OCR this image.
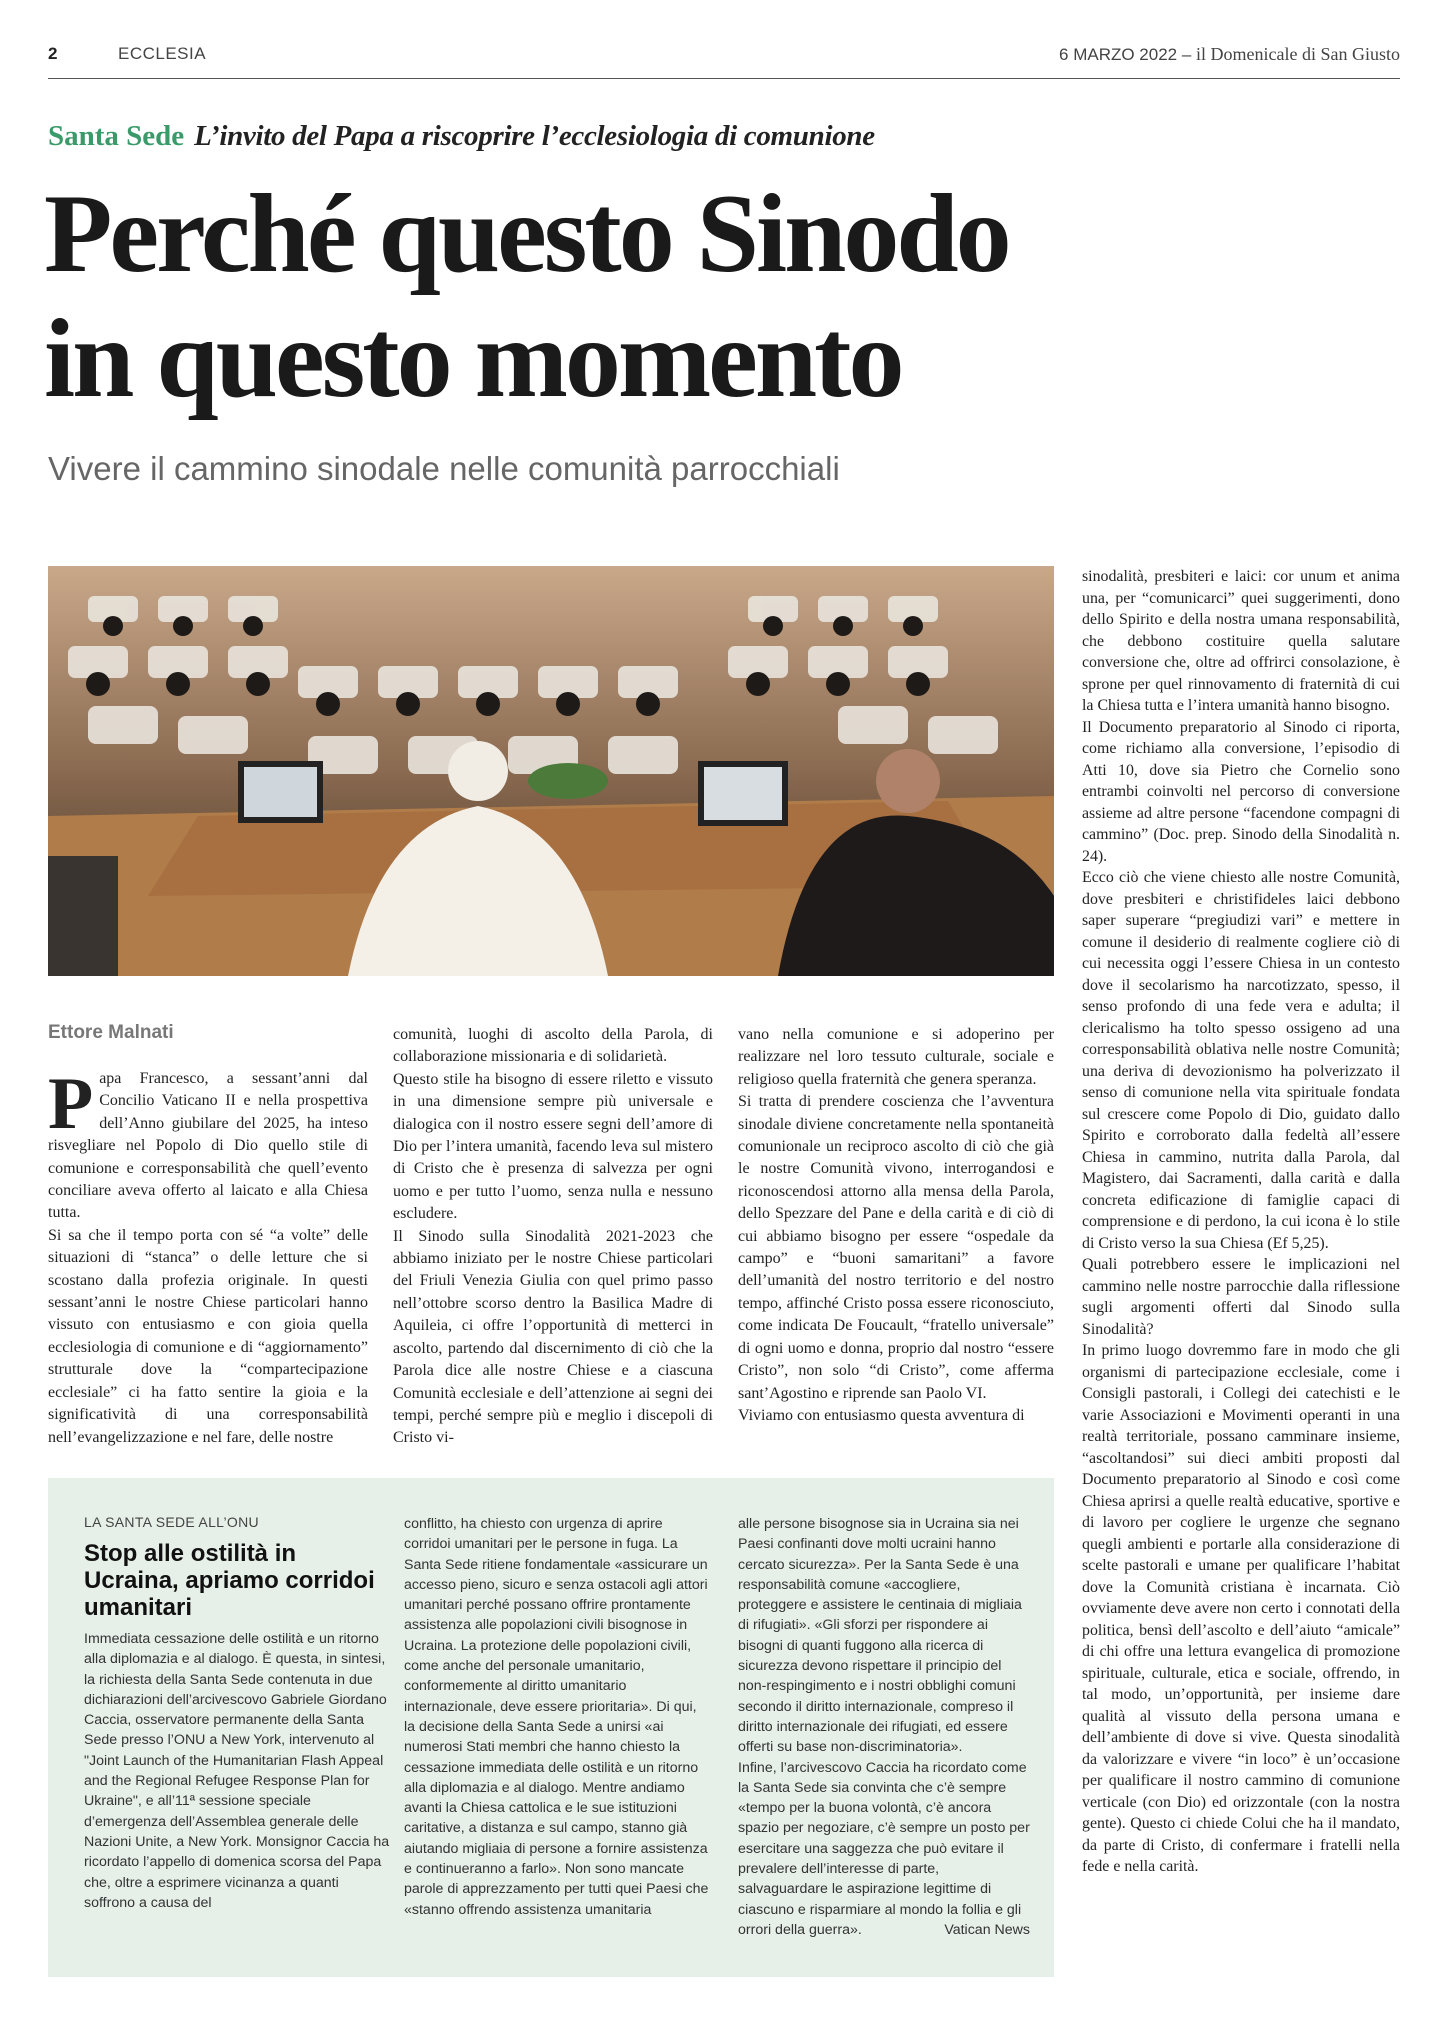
2	ECCLESIA	6 MARZO 2022 – il Domenicale di San Giusto
Santa Sede L’invito del Papa a riscoprire l’ecclesiologia di comunione
Perché questo Sinodo
in questo momento
Vivere il cammino sinodale nelle comunità parrocchiali
Ettore Malnati
P apa Francesco, a sessant’anni dal Concilio Vaticano II e nella prospettiva dell’Anno giubilare del 2025, ha inteso risvegliare nel Popolo di Dio quello stile di comunione e corresponsabilità che quell’evento conciliare aveva offerto al laicato e alla Chiesa tutta.

Si sa che il tempo porta con sé “a volte” delle situazioni di “stanca” o delle letture che si scostano dalla profezia originale. In questi sessant’anni le nostre Chiese particolari hanno vissuto con entusiasmo e con gioia quella ecclesiologia di comunione e di “aggiornamento” strutturale dove la “compartecipazione ecclesiale” ci ha fatto sentire la gioia e la significatività di una corresponsabilità nell’evangelizzazione e nel fare, delle nostre

comunità, luoghi di ascolto della Parola, di collaborazione missionaria e di solidarietà.

Questo stile ha bisogno di essere riletto e vissuto in una dimensione sempre più universale e dialogica con il nostro essere segni dell’amore di Dio per l’intera umanità, facendo leva sul mistero di Cristo che è presenza di salvezza per ogni uomo e per tutto l’uomo, senza nulla e nessuno escludere.

Il Sinodo sulla Sinodalità 2021-2023 che abbiamo iniziato per le nostre Chiese particolari del Friuli Venezia Giulia con quel primo passo nell’ottobre scorso dentro la Basilica Madre di Aquileia, ci offre l’opportunità di metterci in ascolto, partendo dal discernimento di ciò che la Parola dice alle nostre Chiese e a ciascuna Comunità ecclesiale e dell’attenzione ai segni dei tempi, perché sempre più e meglio i discepoli di Cristo vi-

vano nella comunione e si adoperino per realizzare nel loro tessuto culturale, sociale e religioso quella fraternità che genera speranza.

Si tratta di prendere coscienza che l’avventura sinodale diviene concretamente nella spontaneità comunionale un reciproco ascolto di ciò che già le nostre Comunità vivono, interrogandosi e riconoscendosi attorno alla mensa della Parola, dello Spezzare del Pane e della carità e di ciò di cui abbiamo bisogno per essere “ospedale da campo” e “buoni samaritani” a favore dell’umanità del nostro territorio e del nostro tempo, affinché Cristo possa essere riconosciuto, come indicata De Foucault, “fratello universale” di ogni uomo e donna, proprio dal nostro “essere Cristo”, non solo “di Cristo”, come afferma sant’Agostino e riprende san Paolo VI.

Viviamo con entusiasmo questa avventura di

sinodalità, presbiteri e laici: cor unum et anima una, per “comunicarci” quei suggerimenti, dono dello Spirito e della nostra umana responsabilità, che debbono costituire quella salutare conversione che, oltre ad offrirci consolazione, è sprone per quel rinnovamento di fraternità di cui la Chiesa tutta e l’intera umanità hanno bisogno.

Il Documento preparatorio al Sinodo ci riporta, come richiamo alla conversione, l’episodio di Atti 10, dove sia Pietro che Cornelio sono entrambi coinvolti nel percorso di conversione assieme ad altre persone “facendone compagni di cammino” (Doc. prep. Sinodo della Sinodalità n. 24).

Ecco ciò che viene chiesto alle nostre Comunità, dove presbiteri e christifideles laici debbono saper superare “pregiudizi vari” e mettere in comune il desiderio di realmente cogliere ciò di cui necessita oggi l’essere Chiesa in un contesto dove il secolarismo ha narcotizzato, spesso, il senso profondo di una fede vera e adulta; il clericalismo ha tolto spesso ossigeno ad una corresponsabilità oblativa nelle nostre Comunità; una deriva di devozionismo ha polverizzato il senso di comunione nella vita spirituale fondata sul crescere come Popolo di Dio, guidato dallo Spirito e corroborato dalla fedeltà all’essere Chiesa in cammino, nutrita dalla Parola, dal Magistero, dai Sacramenti, dalla carità e dalla concreta edificazione di famiglie capaci di comprensione e di perdono, la cui icona è lo stile di Cristo verso la sua Chiesa (Ef 5,25).

Quali potrebbero essere le implicazioni nel cammino nelle nostre parrocchie dalla riflessione sugli argomenti offerti dal Sinodo sulla Sinodalità?

In primo luogo dovremmo fare in modo che gli organismi di partecipazione ecclesiale, come i Consigli pastorali, i Collegi dei catechisti e le varie Associazioni e Movimenti operanti in una realtà territoriale, possano camminare insieme, “ascoltandosi” sui dieci ambiti proposti dal Documento preparatorio al Sinodo e così come Chiesa aprirsi a quelle realtà educative, sportive e di lavoro per cogliere le urgenze che segnano quegli ambienti e portarle alla considerazione di scelte pastorali e umane per qualificare l’habitat dove la Comunità cristiana è incarnata. Ciò ovviamente deve avere non certo i connotati della politica, bensì dell’ascolto e dell’aiuto “amicale” di chi offre una lettura evangelica di promozione spirituale, culturale, etica e sociale, offrendo, in tal modo, un’opportunità, per insieme dare qualità al vissuto della persona umana e dell’ambiente di dove si vive. Questa sinodalità da valorizzare e vivere “in loco” è un’occasione per qualificare il nostro cammino di comunione verticale (con Dio) ed orizzontale (con la nostra gente). Questo ci chiede Colui che ha il mandato, da parte di Cristo, di confermare i fratelli nella fede e nella carità.

LA SANTA SEDE ALL’ONU
Stop alle ostilità in Ucraina, apriamo corridoi umanitari
Immediata cessazione delle ostilità e un ritorno alla diplomazia e al dialogo. È questa, in sintesi, la richiesta della Santa Sede contenuta in due dichiarazioni dell’arcivescovo Gabriele Giordano Caccia, osservatore permanente della Santa Sede presso l’ONU a New York, intervenuto al "Joint Launch of the Humanitarian Flash Appeal and the Regional Refugee Response Plan for Ukraine", e all’11ª sessione speciale d’emergenza dell’Assemblea generale delle Nazioni Unite, a New York. Monsignor Caccia ha ricordato l’appello di domenica scorsa del Papa che, oltre a esprimere vicinanza a quanti soffrono a causa del
conflitto, ha chiesto con urgenza di aprire corridoi umanitari per le persone in fuga. La Santa Sede ritiene fondamentale «assicurare un accesso pieno, sicuro e senza ostacoli agli attori umanitari perché possano offrire prontamente assistenza alle popolazioni civili bisognose in Ucraina. La protezione delle popolazioni civili, come anche del personale umanitario, conformemente al diritto umanitario internazionale, deve essere prioritaria». Di qui, la decisione della Santa Sede a unirsi «ai numerosi Stati membri che hanno chiesto la cessazione immediata delle ostilità e un ritorno alla diplomazia e al dialogo. Mentre andiamo avanti la Chiesa cattolica e le sue istituzioni caritative, a distanza e sul campo, stanno già aiutando migliaia di persone a fornire assistenza e continueranno a farlo». Non sono mancate parole di apprezzamento per tutti quei Paesi che «stanno offrendo assistenza umanitaria
alle persone bisognose sia in Ucraina sia nei Paesi confinanti dove molti ucraini hanno cercato sicurezza». Per la Santa Sede è una responsabilità comune «accogliere, proteggere e assistere le centinaia di migliaia di rifugiati». «Gli sforzi per rispondere ai bisogni di quanti fuggono alla ricerca di sicurezza devono rispettare il principio del non-respingimento e i nostri obblighi comuni secondo il diritto internazionale, compreso il diritto internazionale dei rifugiati, ed essere offerti su base non-discriminatoria».
Infine, l’arcivescovo Caccia ha ricordato come la Santa Sede sia convinta che c’è sempre «tempo per la buona volontà, c’è ancora spazio per negoziare, c’è sempre un posto per esercitare una saggezza che può evitare il prevalere dell’interesse di parte, salvaguardare le aspirazione legittime di ciascuno e risparmiare al mondo la follia e gli orrori della guerra».	Vatican News
